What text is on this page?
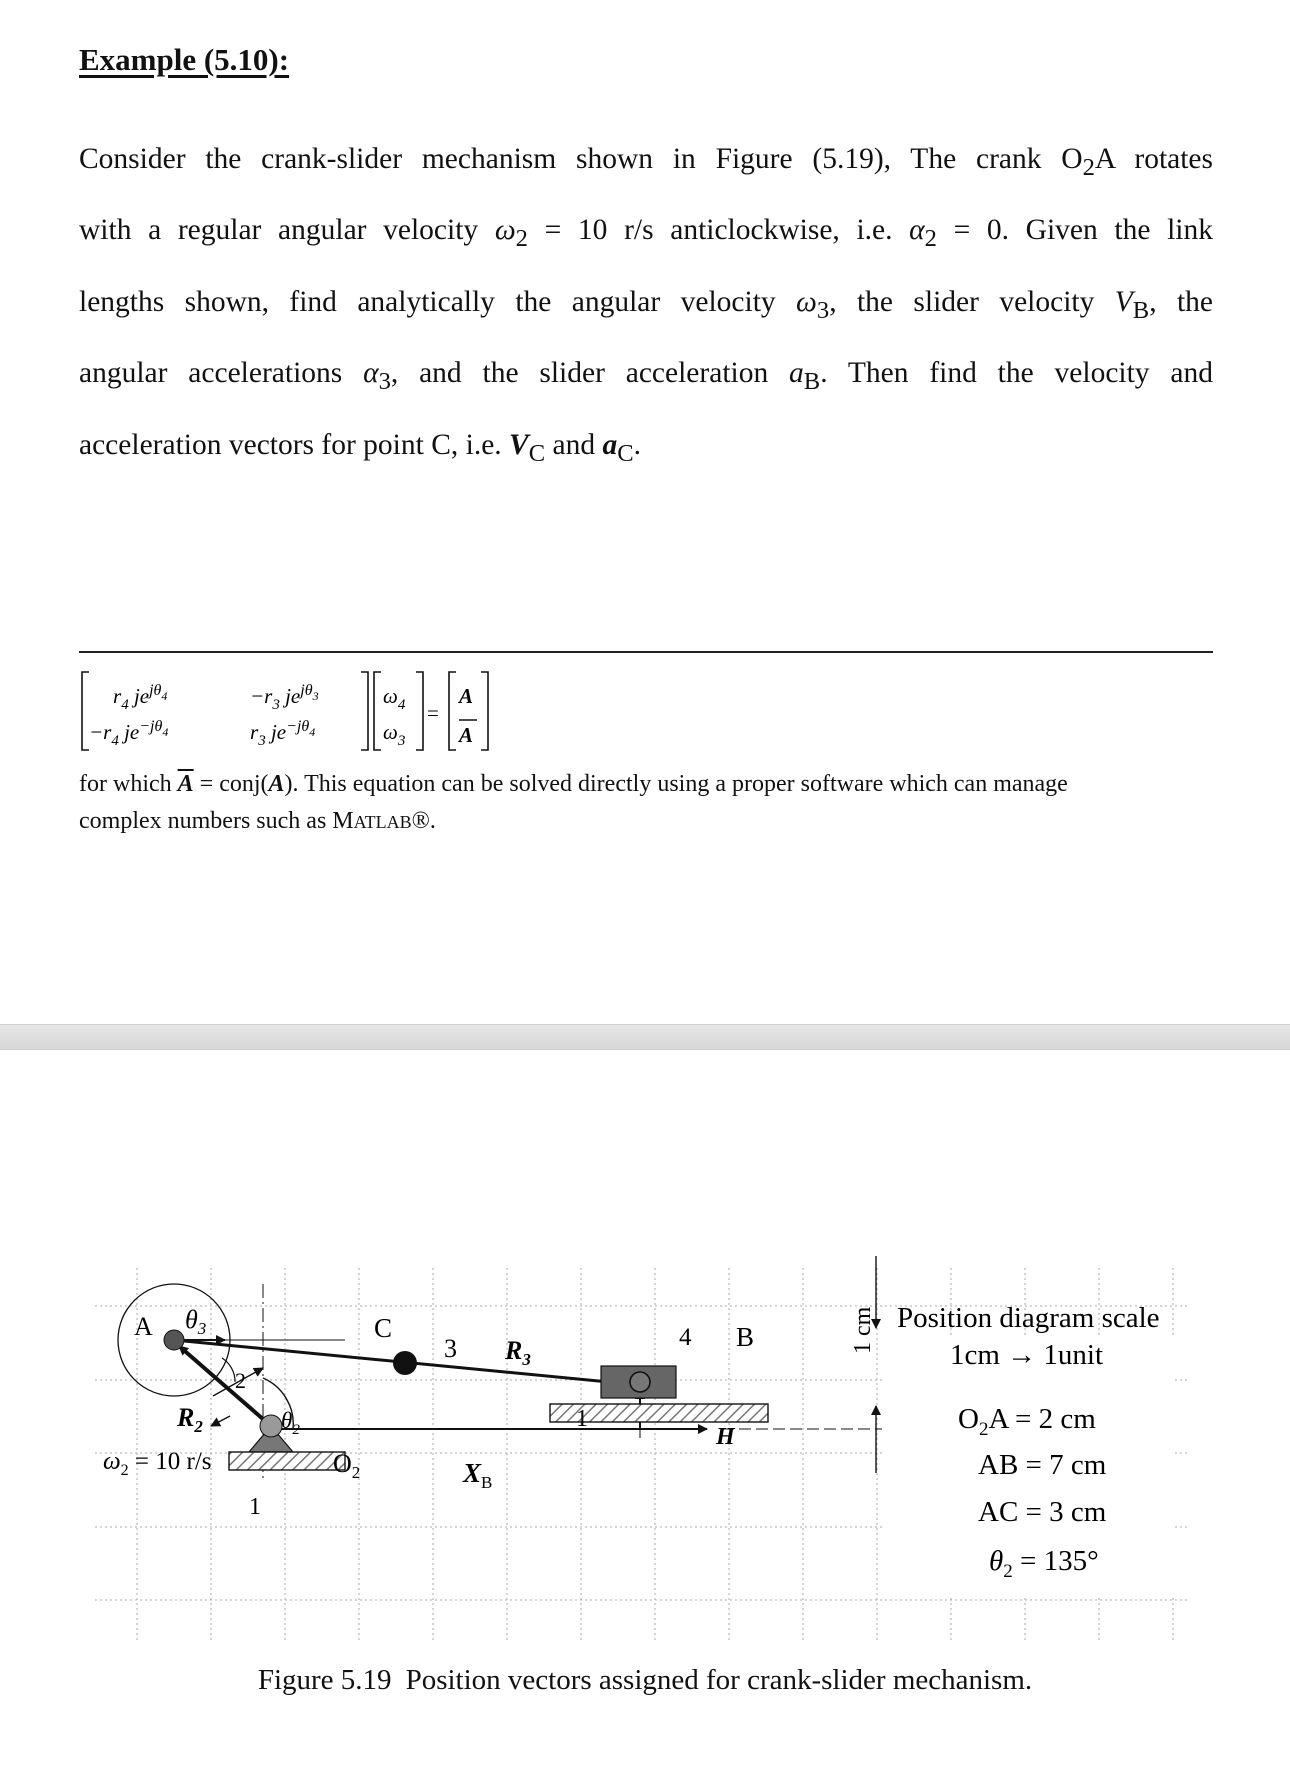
Example (5.10):
Consider the crank-slider mechanism shown in Figure (5.19), The crank $O_2A$ rotates
with a regular angular velocity $\omega_2 = 10$ r/s anticlockwise, i.e. $\alpha_2 = 0$. Given the link
lengths shown, find analytically the angular velocity $\omega_3$, the slider velocity $V_B$, the
angular accelerations $\alpha_3$, and the slider acceleration $a_B$. Then find the velocity and
acceleration vectors for point C, i.e. $V_C$ and $a_C$.
$r_4$ $je^{j\theta}_4$	$-r_3$ $je^{j\theta}_3$
$-r_4$ $je^{-j\theta}_4$	$r_3$ $je^{-j\theta}_4$
$\omega_4$
$\omega_3$
=
A
A
for which $\overline{A}$ = conj(A). This equation can be solved directly using a proper software which can manage
complex numbers such as MATLAB®.
A $\theta_3$
2
$R_2$
$\omega_2 = 10$ r/s
$\theta_2$
$O_2$
1
C
3 $R_3$
$X_B$
1
4 B
H
1 cm Position diagram scale
1cm → 1unit
$O_2A = 2$ cm
AB = 7 cm
AC = 3 cm
$\theta_2 = 135^\circ$
Figure 5.19 Position vectors assigned for crank-slider mechanism.
